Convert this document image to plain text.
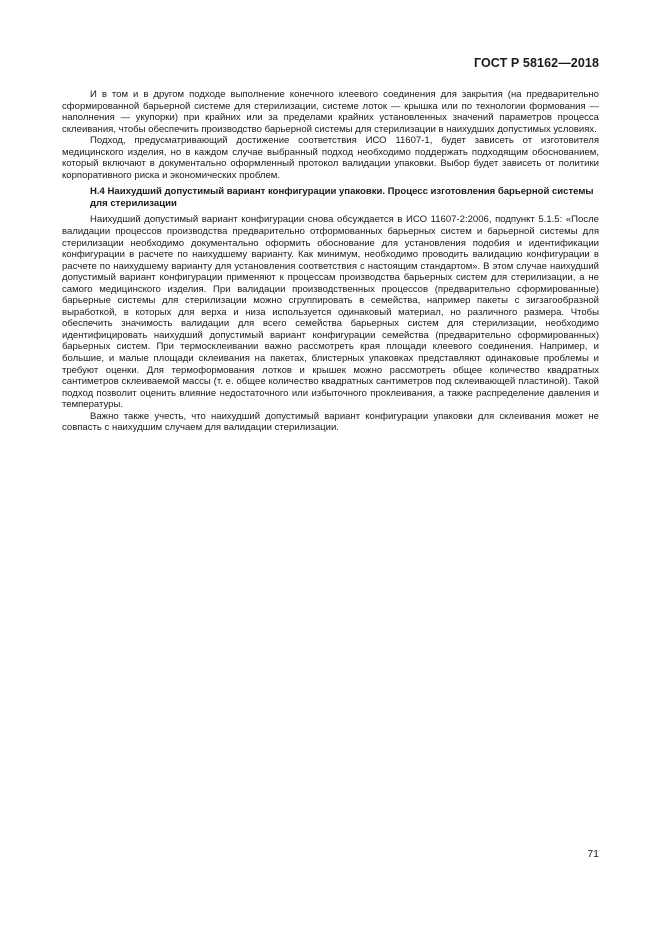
ГОСТ Р 58162—2018

И в том и в другом подходе выполнение конечного клеевого соединения для закрытия (на предварительно сформированной барьерной системе для стерилизации, системе лоток — крышка или по технологии формования — наполнения — укупорки) при крайних или за пределами крайних установленных значений параметров процесса склеивания, чтобы обеспечить производство барьерной системы для стерилизации в наихудших допустимых условиях.

Подход, предусматривающий достижение соответствия ИСО 11607-1, будет зависеть от изготовителя медицинского изделия, но в каждом случае выбранный подход необходимо поддержать подходящим обоснованием, который включают в документально оформленный протокол валидации упаковки. Выбор будет зависеть от политики корпоративного риска и экономических проблем.

Н.4 Наихудший допустимый вариант конфигурации упаковки. Процесс изготовления барьерной системы для стерилизации

Наихудший допустимый вариант конфигурации снова обсуждается в ИСО 11607-2:2006, подпункт 5.1.5: «После валидации процессов производства предварительно отформованных барьерных систем и барьерной системы для стерилизации необходимо документально оформить обоснование для установления подобия и идентификации конфигурации в расчете по наихудшему варианту. Как минимум, необходимо проводить валидацию конфигурации в расчете по наихудшему варианту для установления соответствия с настоящим стандартом». В этом случае наихудший допустимый вариант конфигурации применяют к процессам производства барьерных систем для стерилизации, а не самого медицинского изделия. При валидации производственных процессов (предварительно сформированные) барьерные системы для стерилизации можно сгруппировать в семейства, например пакеты с зигзагообразной выработкой, в которых для верха и низа используется одинаковый материал, но различного размера. Чтобы обеспечить значимость валидации для всего семейства барьерных систем для стерилизации, необходимо идентифицировать наихудший допустимый вариант конфигурации семейства (предварительно сформированных) барьерных систем. При термосклеивании важно рассмотреть края площади клеевого соединения. Например, и большие, и малые площади склеивания на пакетах, блистерных упаковках представляют одинаковые проблемы и требуют оценки. Для термоформования лотков и крышек можно рассмотреть общее количество квадратных сантиметров склеиваемой массы (т. е. общее количество квадратных сантиметров под склеивающей пластиной). Такой подход позволит оценить влияние недостаточного или избыточного проклеивания, а также распределение давления и температуры.

Важно также учесть, что наихудший допустимый вариант конфигурации упаковки для склеивания может не совпасть с наихудшим случаем для валидации стерилизации.

71
